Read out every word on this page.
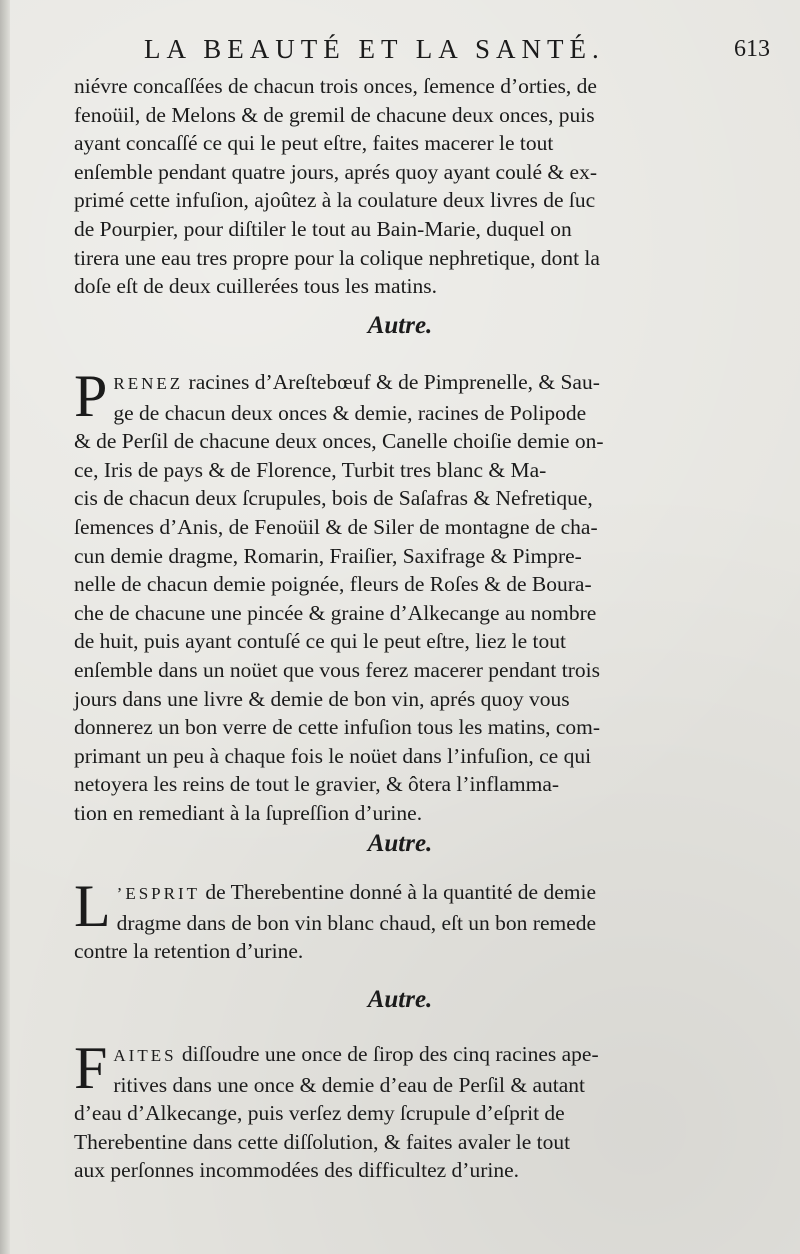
LA BEAUTÉ ET LA SANTÉ.	613
niévre concaſſées de chacun trois onces, ſemence d’orties, de
fenoüil, de Melons & de gremil de chacune deux onces, puis
ayant concaſſé ce qui le peut eſtre, faites macerer le tout
enſemble pendant quatre jours, aprés quoy ayant coulé & ex-
primé cette infuſion, ajoûtez à la coulature deux livres de ſuc
de Pourpier, pour diſtiler le tout au Bain-Marie, duquel on
tirera une eau tres propre pour la colique nephretique, dont la
doſe eſt de deux cuillerées tous les matins.
Autre.
P RENEZ racines d’Areſtebœuf & de Pimprenelle, & Sau-
ge de chacun deux onces & demie, racines de Polipode
& de Perſil de chacune deux onces, Canelle choiſie demie on-
ce, Iris de pays & de Florence, Turbit tres blanc & Ma-
cis de chacun deux ſcrupules, bois de Saſafras & Nefretique,
ſemences d’Anis, de Fenoüil & de Siler de montagne de cha-
cun demie dragme, Romarin, Fraiſier, Saxifrage & Pimpre-
nelle de chacun demie poignée, fleurs de Roſes & de Boura-
che de chacune une pincée & graine d’Alkecange au nombre
de huit, puis ayant contuſé ce qui le peut eſtre, liez le tout
enſemble dans un noüet que vous ferez macerer pendant trois
jours dans une livre & demie de bon vin, aprés quoy vous
donnerez un bon verre de cette infuſion tous les matins, com-
primant un peu à chaque fois le noüet dans l’infuſion, ce qui
netoyera les reins de tout le gravier, & ôtera l’inflamma-
tion en remediant à la ſupreſſion d’urine.
Autre.
L ’ESPRIT de Therebentine donné à la quantité de demie
dragme dans de bon vin blanc chaud, eſt un bon remede
contre la retention d’urine.
Autre.
F AITES diſſoudre une once de ſirop des cinq racines ape-
ritives dans une once & demie d’eau de Perſil & autant
d’eau d’Alkecange, puis verſez demy ſcrupule d’eſprit de
Therebentine dans cette diſſolution, & faites avaler le tout
aux perſonnes incommodées des difficultez d’urine.
